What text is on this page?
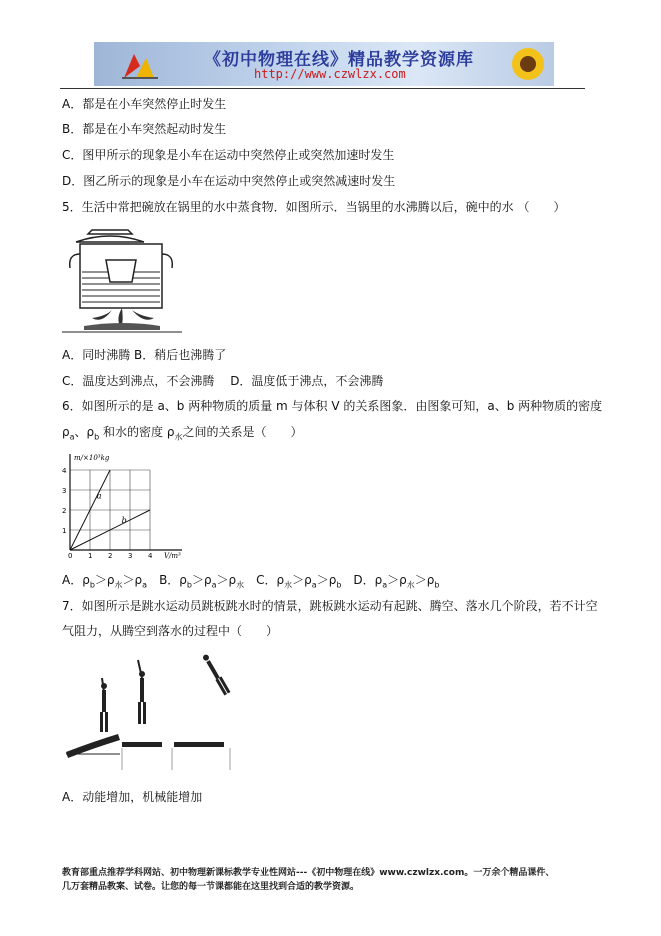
《初中物理在线》精品教学资源库
http://www.czwlzx.com
A．都是在小车突然停止时发生
B．都是在小车突然起动时发生
C．图甲所示的现象是小车在运动中突然停止或突然加速时发生
D．图乙所示的现象是小车在运动中突然停止或突然减速时发生
5．生活中常把碗放在锅里的水中蒸食物．如图所示．当锅里的水沸腾以后，碗中的水 （　　）
A．同时沸腾 B．稍后也沸腾了
C．温度达到沸点，不会沸腾　 D．温度低于沸点，不会沸腾
6．如图所示的是 a、b 两种物质的质量 m 与体积 V 的关系图象．由图象可知，a、b 两种物质的密度
$\rho_a$、$\rho_b$ 和水的密度 $\rho_水$之间的关系是（　　）
m/×10³kg
V/m³
0 1 2 3 4
1
2
3
4
a
b
A．$\rho_b>\rho_水>\rho_a$　B．$\rho_b>\rho_a>\rho_水$　C．$\rho_水>\rho_a>\rho_b$　D．$\rho_a>\rho_水>\rho_b$
7．如图所示是跳水运动员跳板跳水时的情景，跳板跳水运动有起跳、腾空、落水几个阶段，若不计空
气阻力，从腾空到落水的过程中（　　）
A．动能增加，机械能增加
教育部重点推荐学科网站、初中物理新课标教学专业性网站---《初中物理在线》www.czwlzx.com。一万余个精品课件、
几万套精品教案、试卷。让您的每一节课都能在这里找到合适的教学资源。
